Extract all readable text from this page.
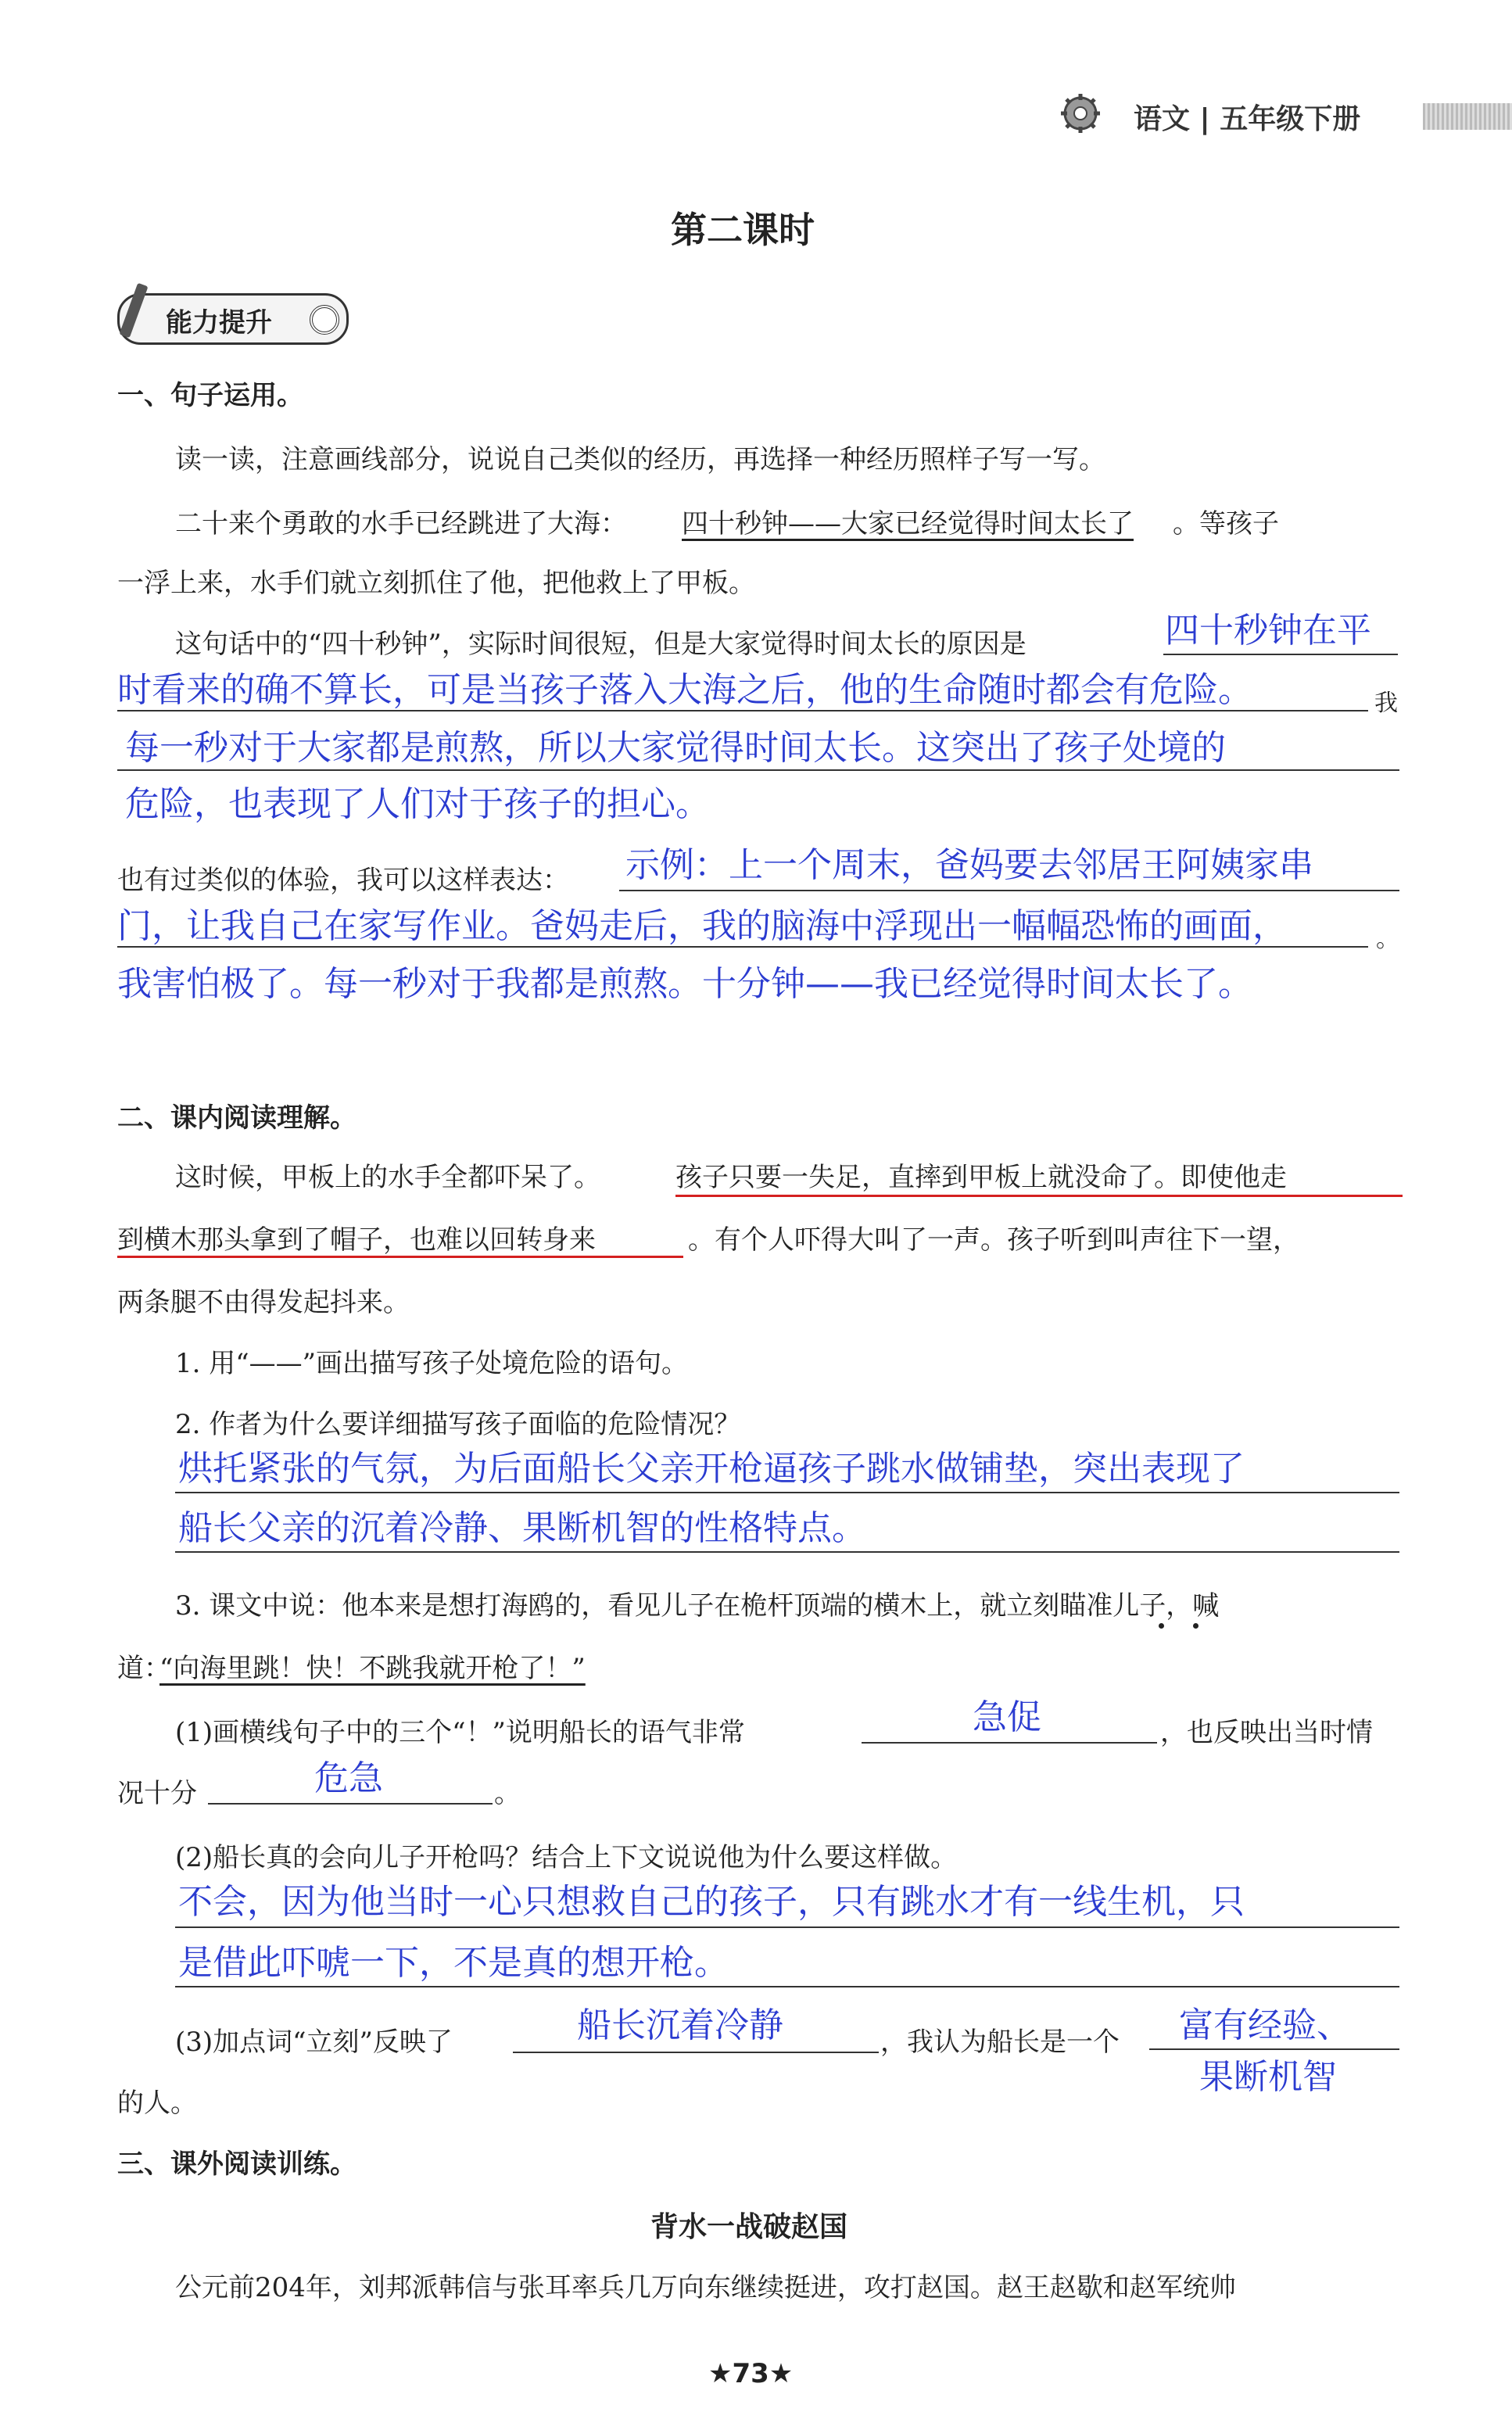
语文 | 五年级下册
第二课时
能力提升
一、句子运用。
读一读，注意画线部分，说说自己类似的经历，再选择一种经历照样子写一写。
二十来个勇敢的水手已经跳进了大海： 四十秒钟——大家已经觉得时间太长了 。等孩子
一浮上来，水手们就立刻抓住了他，把他救上了甲板。
这句话中的“四十秒钟”，实际时间很短，但是大家觉得时间太长的原因是	四十秒钟在平
时看来的确不算长，可是当孩子落入大海之后，他的生命随时都会有危险。	我
每一秒对于大家都是煎熬，所以大家觉得时间太长。这突出了孩子处境的
危险，也表现了人们对于孩子的担心。
也有过类似的体验，我可以这样表达： 示例：上一个周末，爸妈要去邻居王阿姨家串
门，让我自己在家写作业。爸妈走后，我的脑海中浮现出一幅幅恐怖的画面，	。
我害怕极了。每一秒对于我都是煎熬。十分钟——我已经觉得时间太长了。
二、课内阅读理解。
这时候，甲板上的水手全都吓呆了。	孩子只要一失足，直摔到甲板上就没命了。即使他走
到横木那头拿到了帽子，也难以回转身来	。有个人吓得大叫了一声。孩子听到叫声往下一望，
两条腿不由得发起抖来。
1. 用“——”画出描写孩子处境危险的语句。
2. 作者为什么要详细描写孩子面临的危险情况？
烘托紧张的气氛，为后面船长父亲开枪逼孩子跳水做铺垫，突出表现了
船长父亲的沉着冷静、果断机智的性格特点。
3. 课文中说：他本来是想打海鸥的，看见儿子在桅杆顶端的横木上，就立刻瞄准儿子，喊
道：
“向海里跳！快！不跳我就开枪了！”
(1)画横线句子中的三个“！”说明船长的语气非常	急促	，也反映出当时情
况十分	危急	。
(2)船长真的会向儿子开枪吗？结合上下文说说他为什么要这样做。
不会，因为他当时一心只想救自己的孩子，只有跳水才有一线生机，只
是借此吓唬一下，不是真的想开枪。
(3)加点词“立刻”反映了	船长沉着冷静	，我认为船长是一个 富有经验、
果断机智
的人。
三、课外阅读训练。
背水一战破赵国
公元前204年，刘邦派韩信与张耳率兵几万向东继续挺进，攻打赵国。赵王赵歇和赵军统帅
★73★
